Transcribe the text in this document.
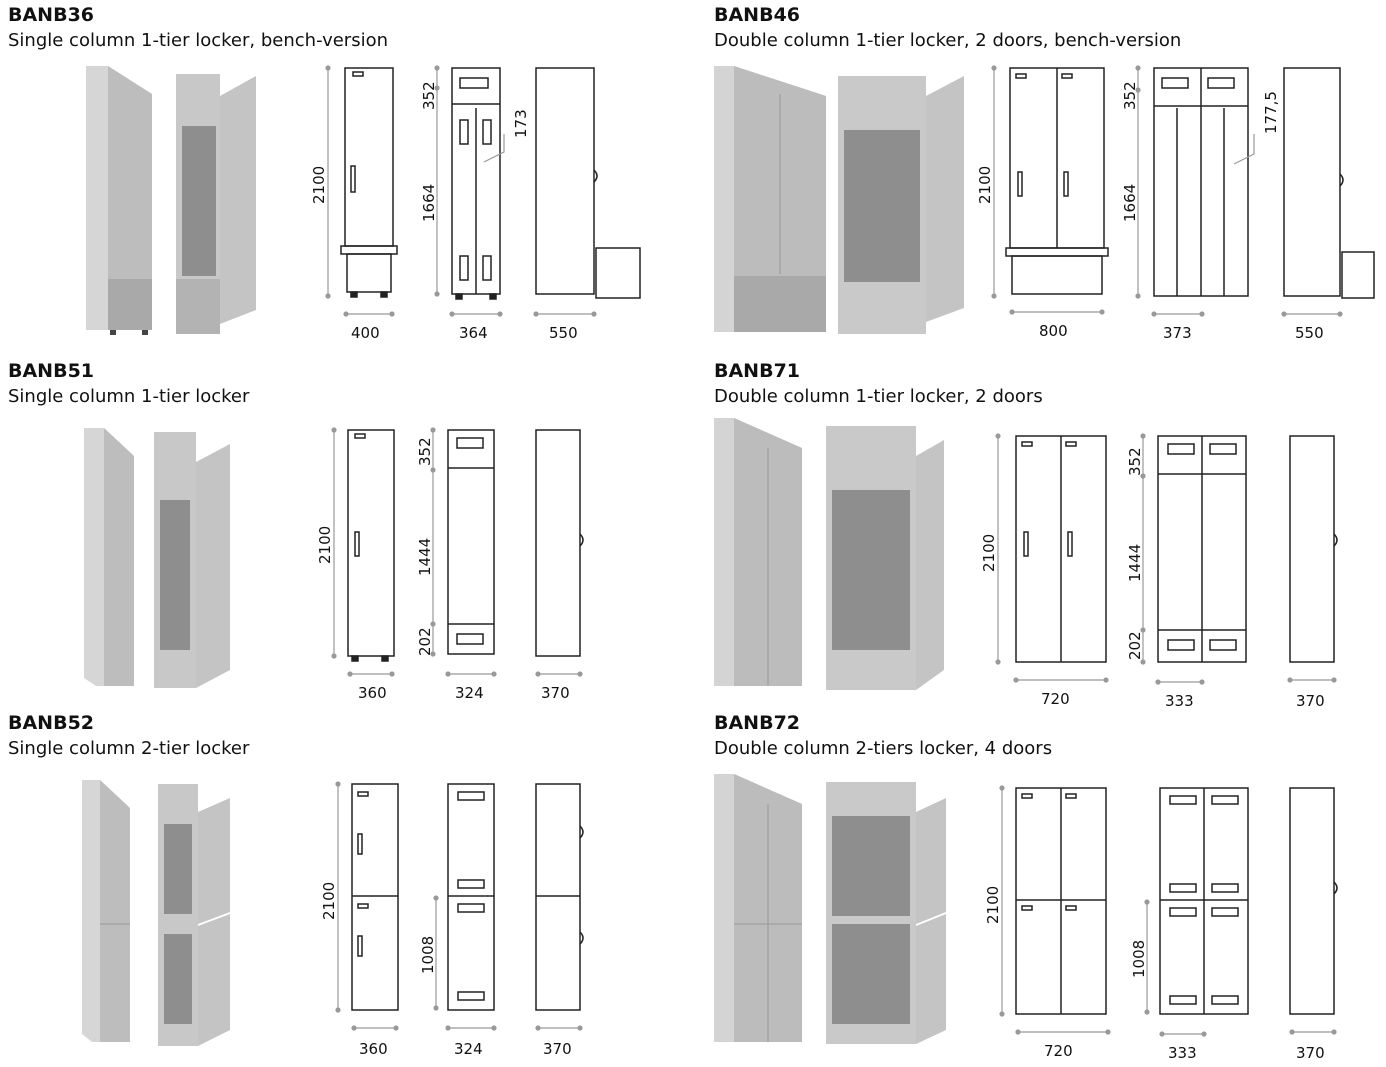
BANB36
Single column 1-tier locker, bench-version
2100
352
1664
173
400	364	550
BANB46
Double column 1-tier locker, 2 doors, bench-version
2100
352
1664
177,5
800	373	550
BANB51
Single column 1-tier locker
2100
352
1444
202
360	324	370
BANB71
Double column 1-tier locker, 2 doors
2100
352
1444
202
720	333	370
BANB52
Single column 2-tier locker
2100
1008
360	324	370
BANB72
Double column 2-tiers locker, 4 doors
2100
1008
720	333	370
